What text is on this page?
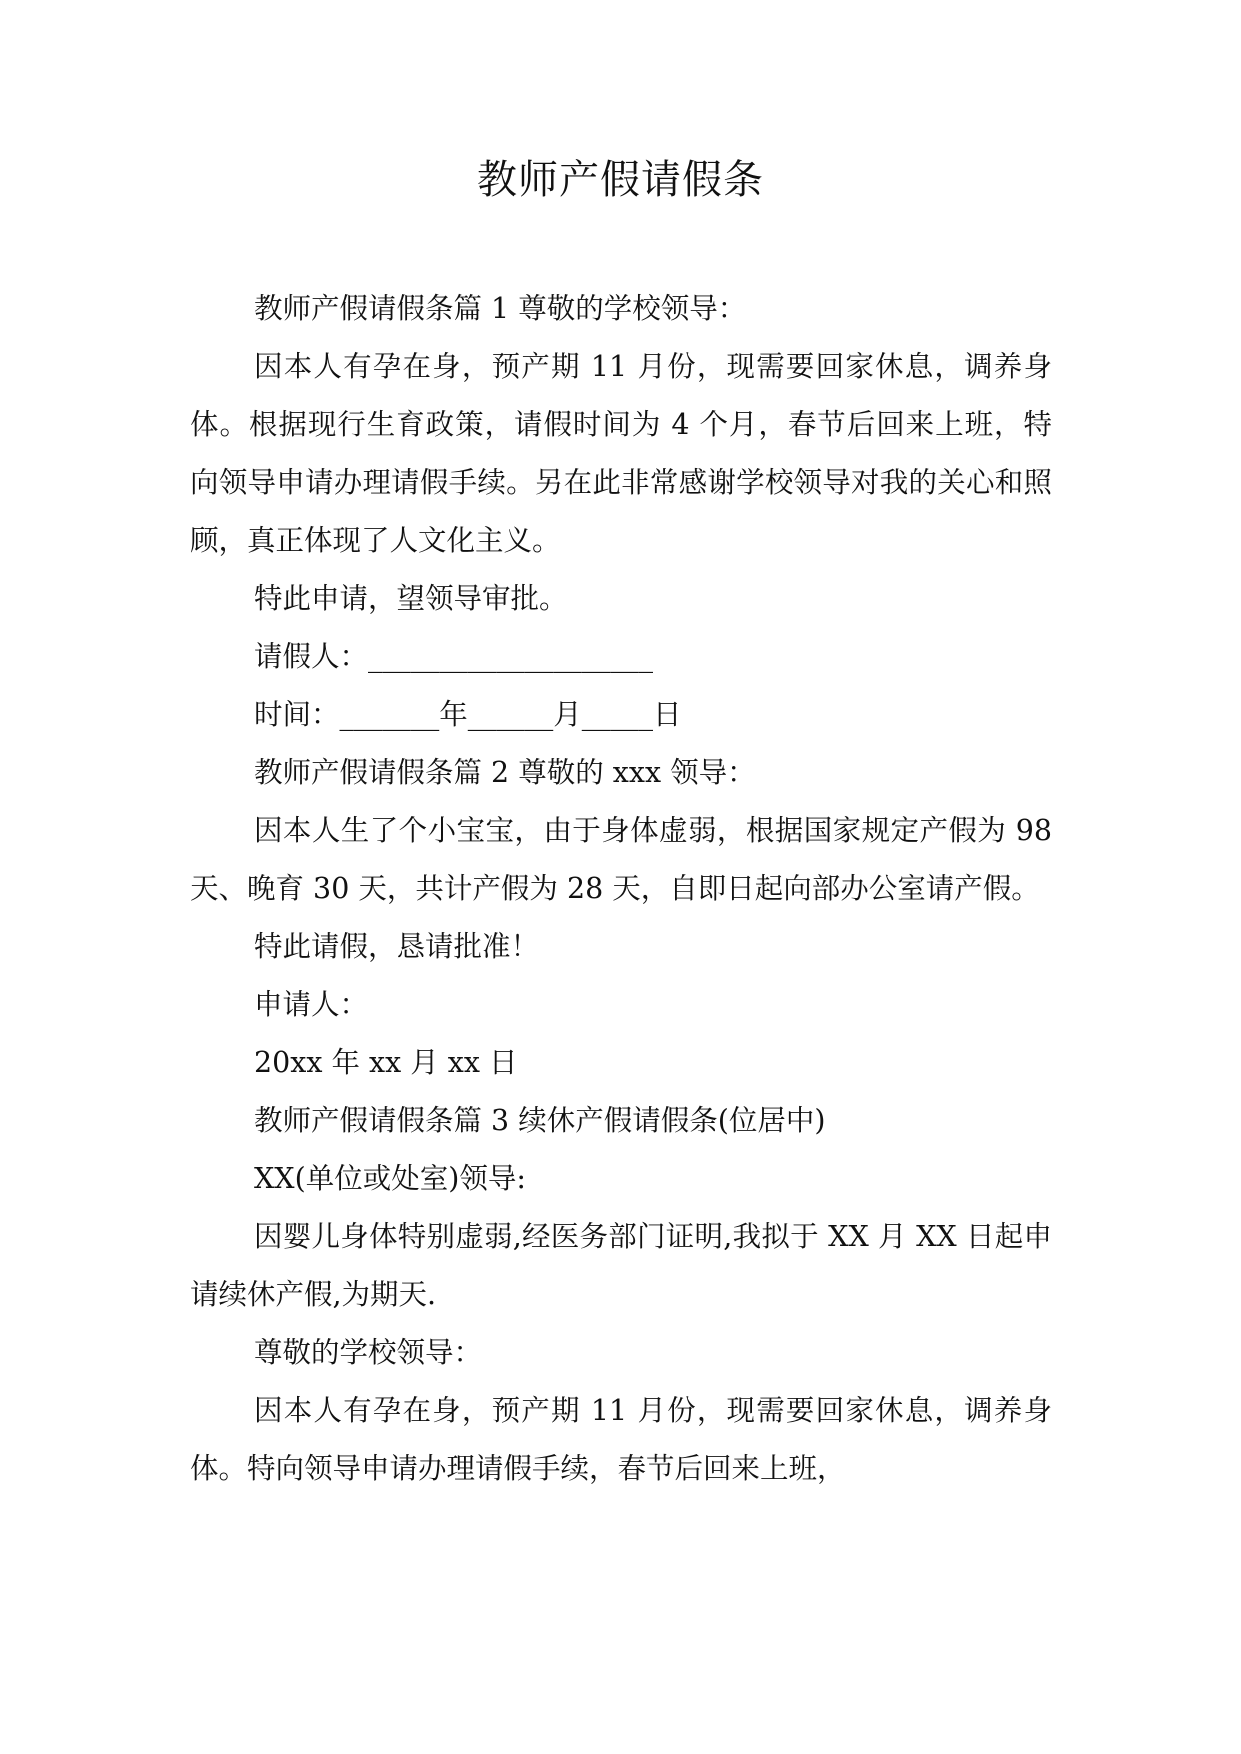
教师产假请假条

教师产假请假条篇 1 尊敬的学校领导：

因本人有孕在身，预产期 11 月份，现需要回家休息，调养身体。根据现行生育政策，请假时间为 4 个月，春节后回来上班，特向领导申请办理请假手续。另在此非常感谢学校领导对我的关心和照顾，真正体现了人文化主义。

特此申请，望领导审批。

请假人：____________________

时间：_______年______月_____日

教师产假请假条篇 2 尊敬的 xxx 领导：

因本人生了个小宝宝，由于身体虚弱，根据国家规定产假为 98 天、晚育 30 天，共计产假为 28 天，自即日起向部办公室请产假。

特此请假，恳请批准！

申请人：

20xx 年 xx 月 xx 日

教师产假请假条篇 3 续休产假请假条(位居中)

XX(单位或处室)领导:

因婴儿身体特别虚弱,经医务部门证明,我拟于 XX 月 XX 日起申请续休产假,为期天.

尊敬的学校领导：

因本人有孕在身，预产期 11 月份，现需要回家休息，调养身体。特向领导申请办理请假手续，春节后回来上班，
